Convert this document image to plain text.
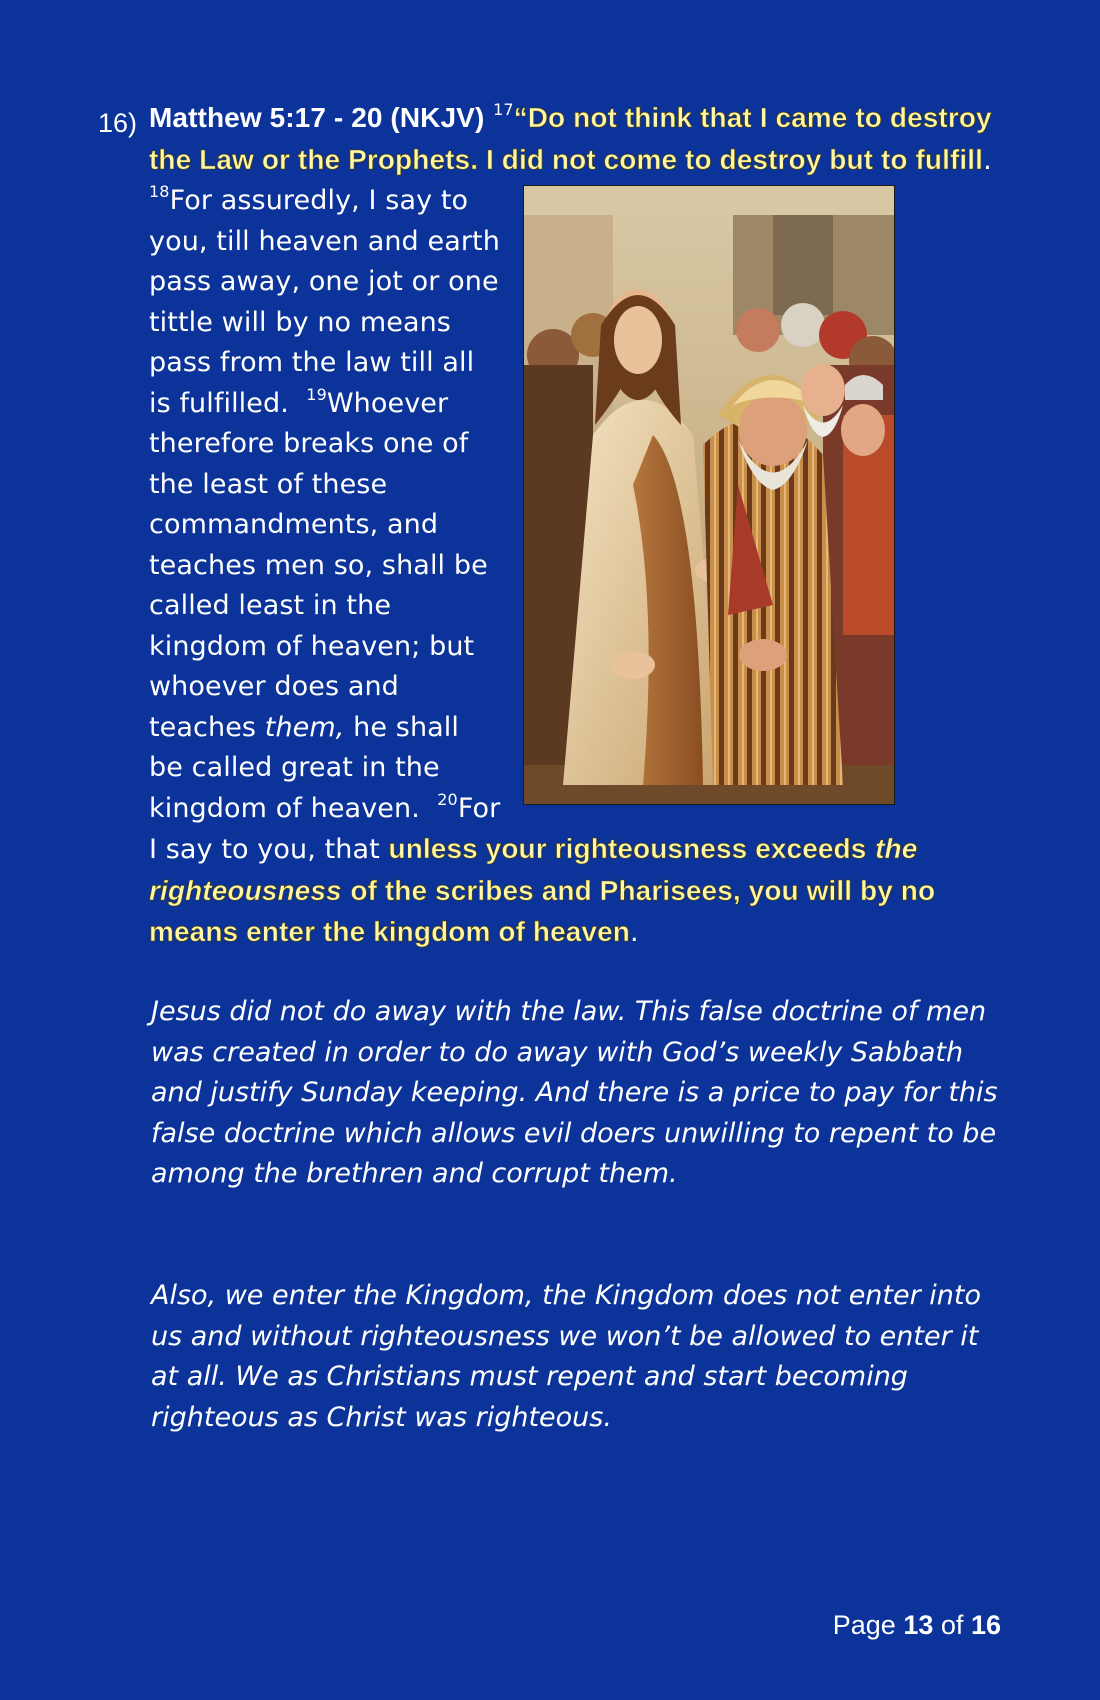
16) Matthew 5:17 - 20 (NKJV) $^{17}$“Do not think that I came to destroy the Law or the Prophets. I did not come to destroy but to fulfill.
$^{18}$For assuredly, I say to you, till heaven and earth pass away, one jot or one tittle will by no means pass from the law till all is fulfilled. $^{19}$Whoever therefore breaks one of the least of these commandments, and teaches men so, shall be called least in the kingdom of heaven; but whoever does and teaches them, he shall be called great in the kingdom of heaven. $^{20}$For I say to you, that unless your righteousness exceeds the righteousness of the scribes and Pharisees, you will by no means enter the kingdom of heaven.

Jesus did not do away with the law. This false doctrine of men was created in order to do away with God’s weekly Sabbath and justify Sunday keeping. And there is a price to pay for this false doctrine which allows evil doers unwilling to repent to be among the brethren and corrupt them.

Also, we enter the Kingdom, the Kingdom does not enter into us and without righteousness we won’t be allowed to enter it at all. We as Christians must repent and start becoming righteous as Christ was righteous.

Page 13 of 16
